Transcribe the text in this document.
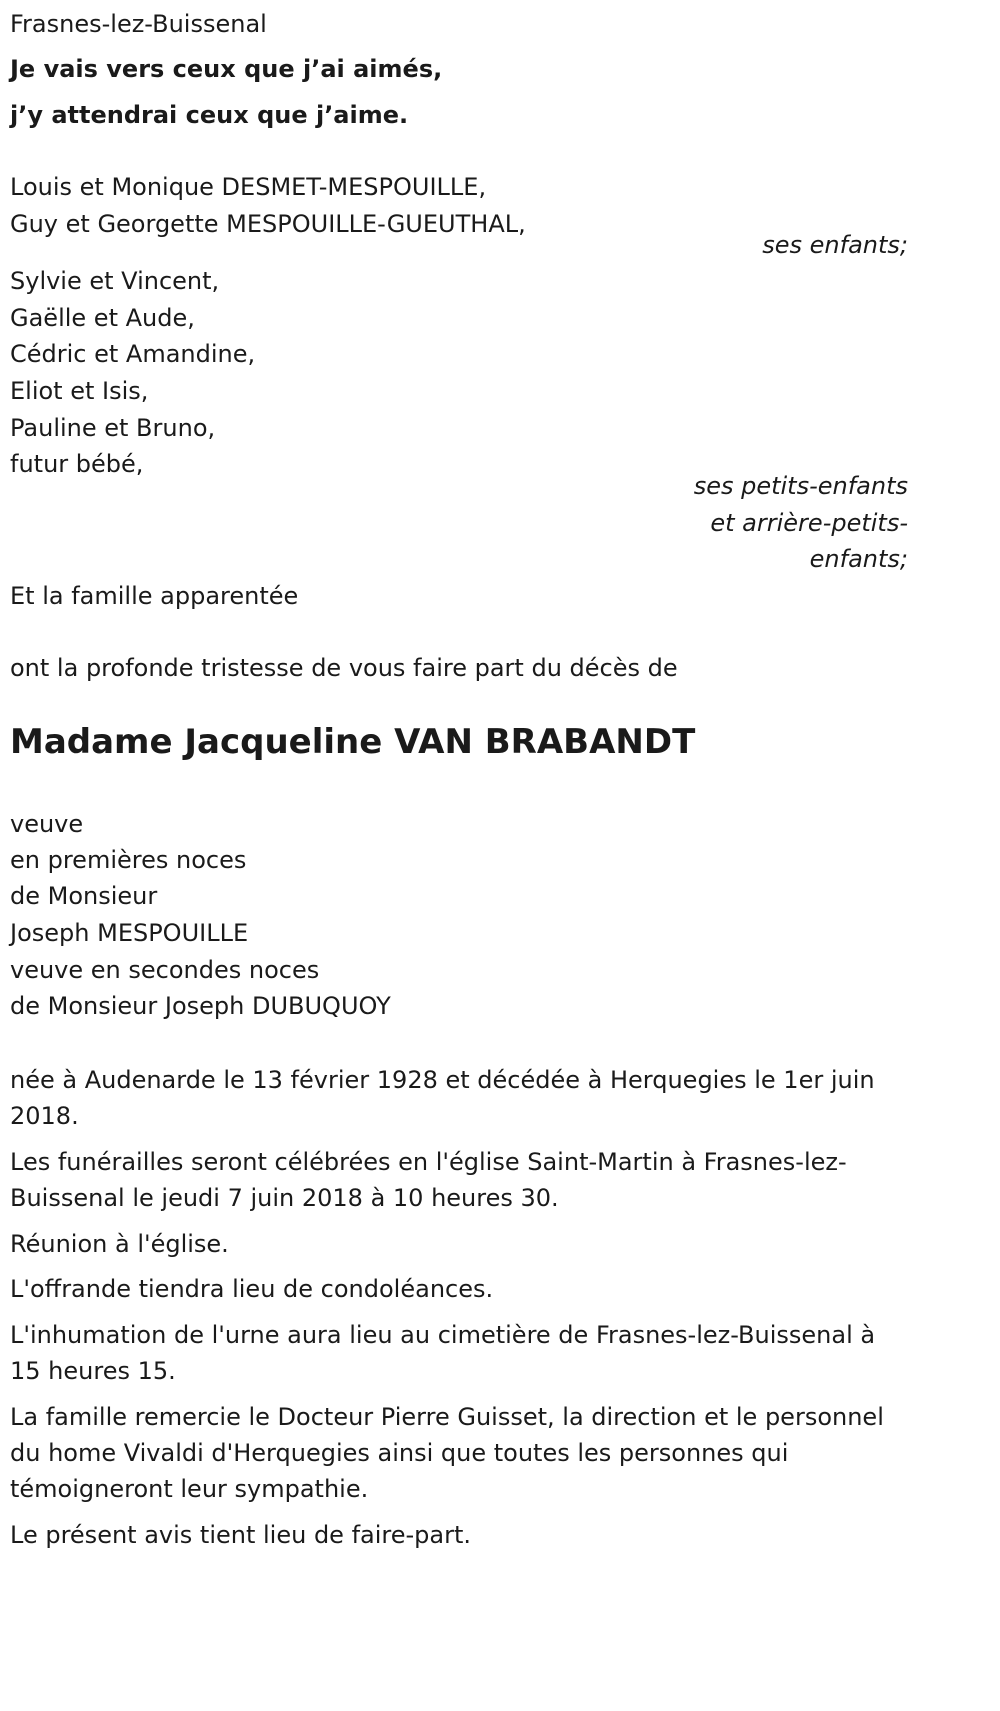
Frasnes-lez-Buissenal
Je vais vers ceux que j’ai aimés,
j’y attendrai ceux que j’aime.
Louis et Monique DESMET-MESPOUILLE,
Guy et Georgette MESPOUILLE-GUEUTHAL,
ses enfants;
Sylvie et Vincent,
Gaëlle et Aude,
Cédric et Amandine,
Eliot et Isis,
Pauline et Bruno,
futur bébé,
ses petits-enfants
et arrière-petits-
enfants;
Et la famille apparentée
ont la profonde tristesse de vous faire part du décès de
Madame Jacqueline VAN BRABANDT
veuve
en premières noces
de Monsieur
Joseph MESPOUILLE
veuve en secondes noces
de Monsieur Joseph DUBUQUOY
née à Audenarde le 13 février 1928 et décédée à Herquegies le 1er juin 2018.
Les funérailles seront célébrées en l'église Saint-Martin à Frasnes-lez-Buissenal le jeudi 7 juin 2018 à 10 heures 30.
Réunion à l'église.
L'offrande tiendra lieu de condoléances.
L'inhumation de l'urne aura lieu au cimetière de Frasnes-lez-Buissenal à 15 heures 15.
La famille remercie le Docteur Pierre Guisset, la direction et le personnel du home Vivaldi d'Herquegies ainsi que toutes les personnes qui témoigneront leur sympathie.
Le présent avis tient lieu de faire-part.
